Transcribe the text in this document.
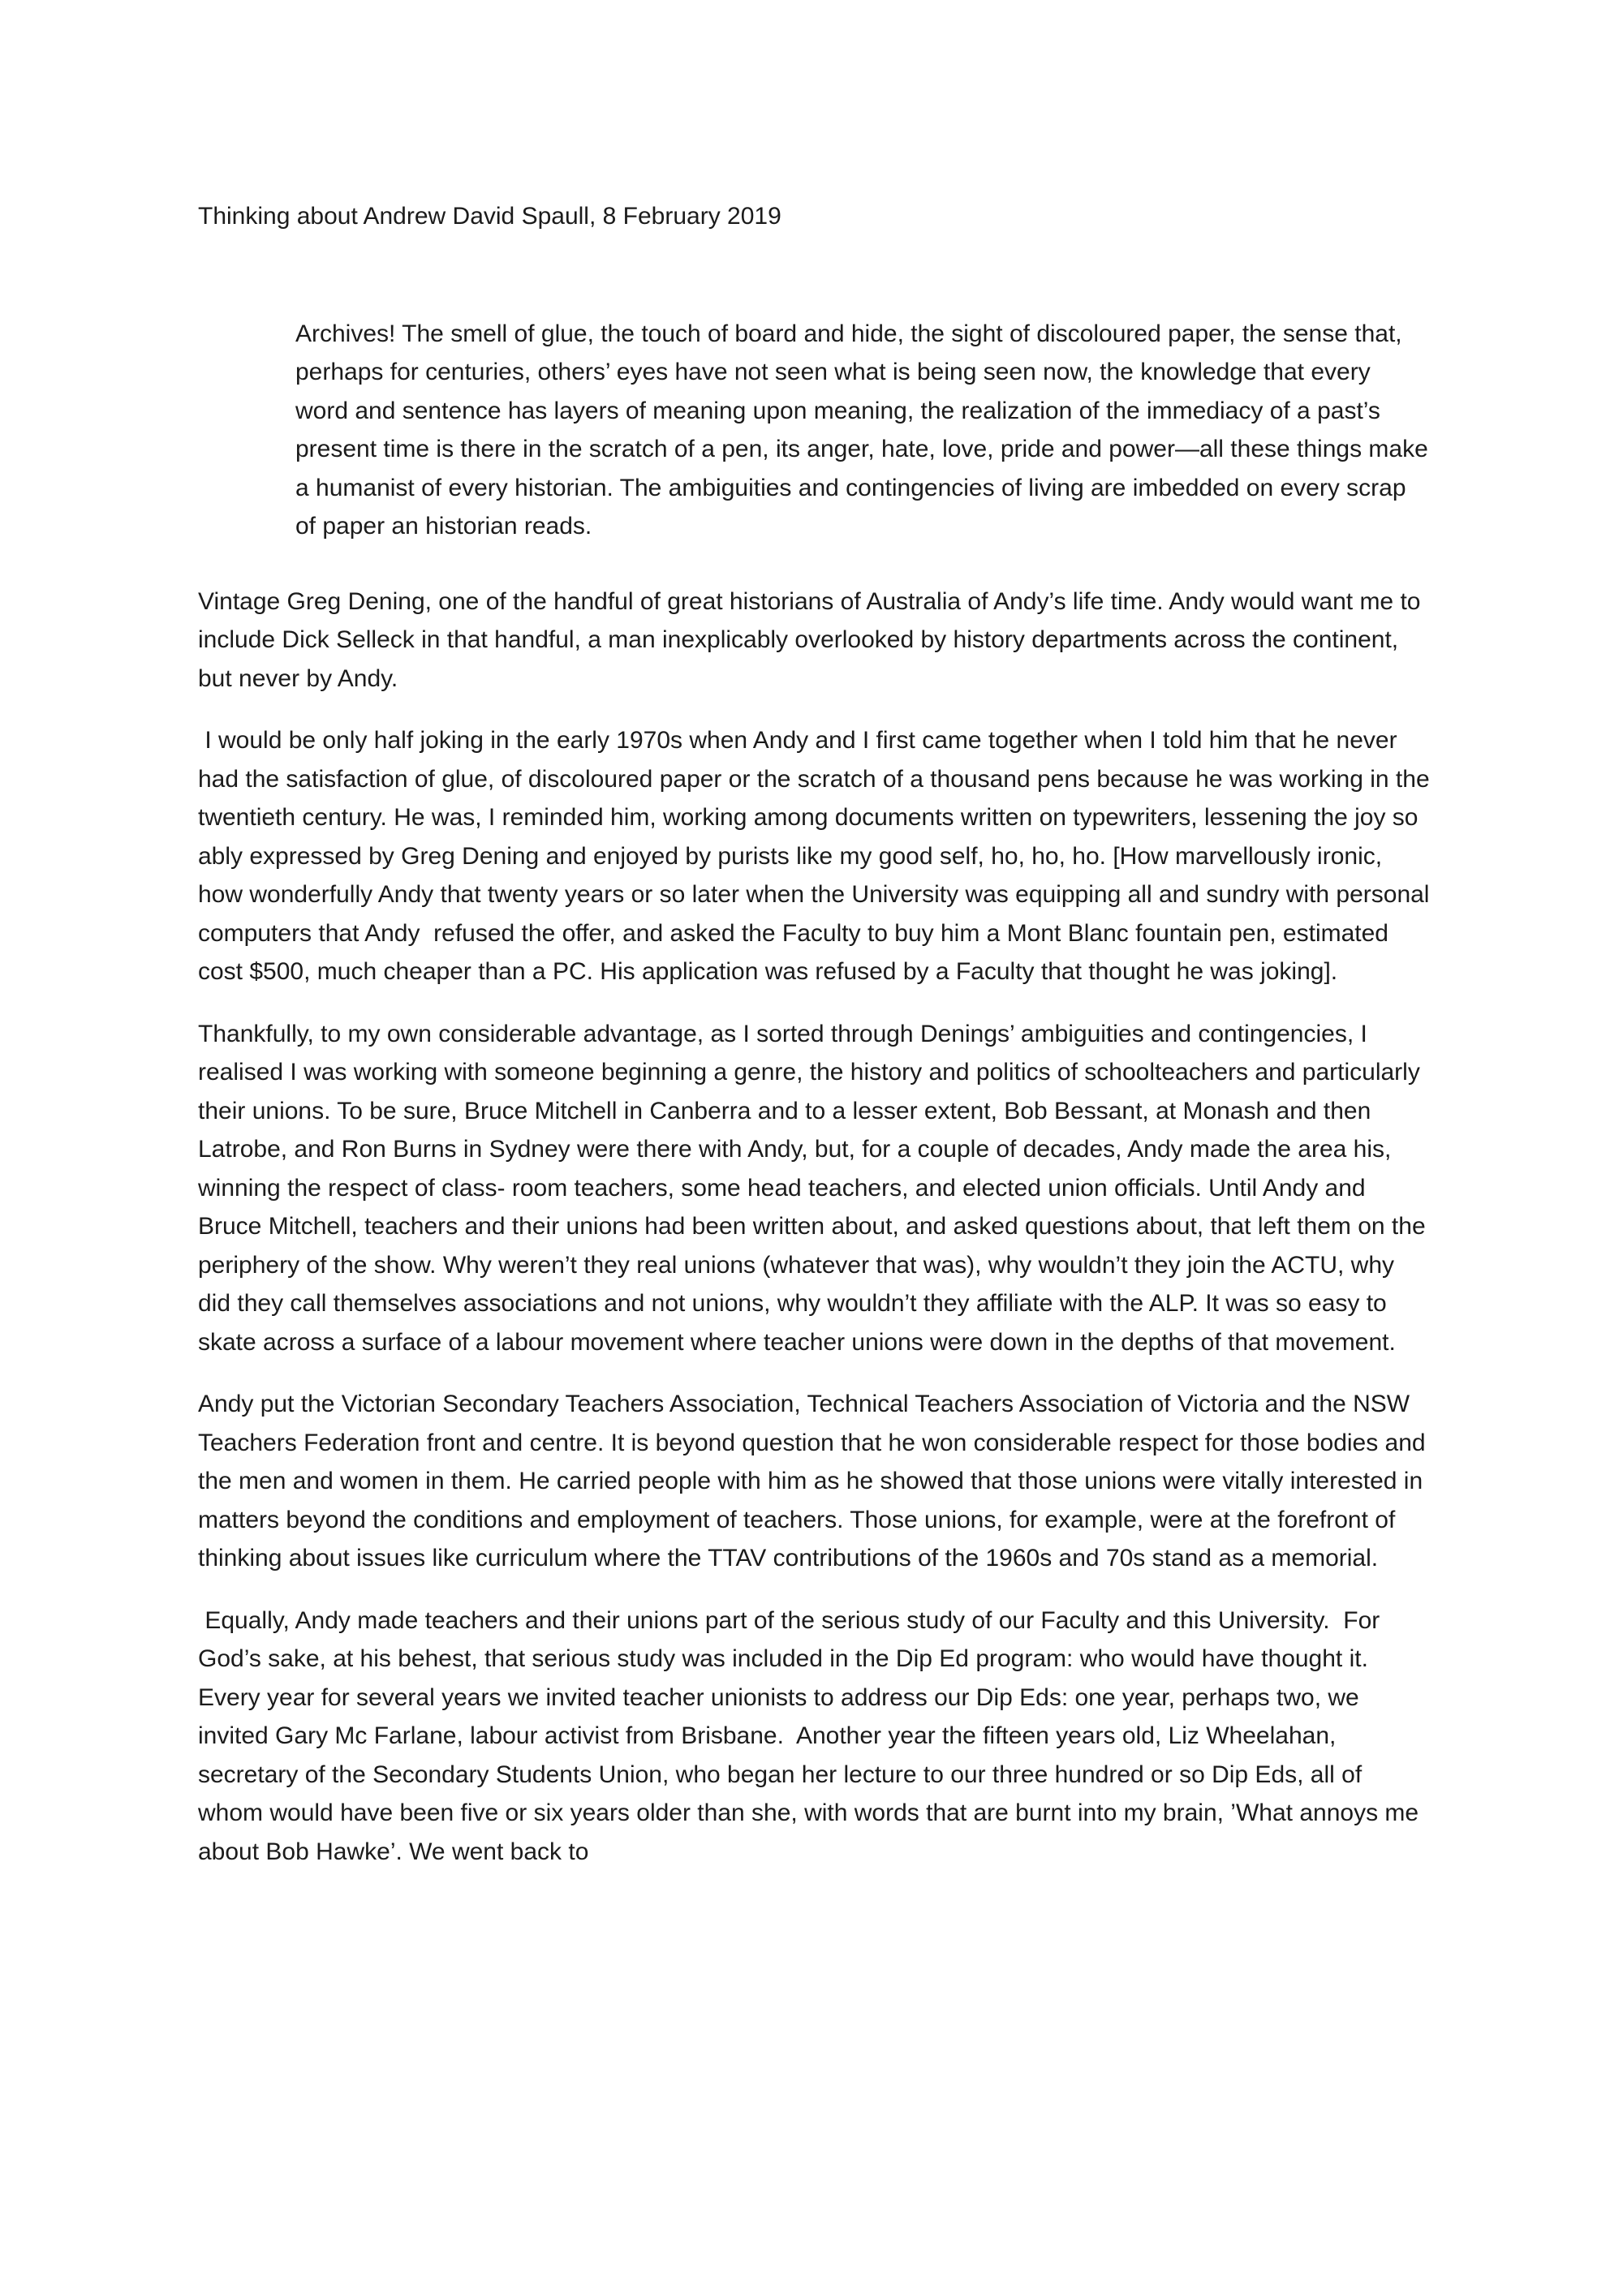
Thinking about Andrew David Spaull, 8 February 2019
Archives! The smell of glue, the touch of board and hide, the sight of discoloured paper, the sense that, perhaps for centuries, others’ eyes have not seen what is being seen now, the knowledge that every word and sentence has layers of meaning upon meaning, the realization of the immediacy of a past’s present time is there in the scratch of a pen, its anger, hate, love, pride and power—all these things make a humanist of every historian. The ambiguities and contingencies of living are imbedded on every scrap of paper an historian reads.

Vintage Greg Dening, one of the handful of great historians of Australia of Andy’s life time. Andy would want me to include Dick Selleck in that handful, a man inexplicably overlooked by history departments across the continent, but never by Andy.

I would be only half joking in the early 1970s when Andy and I first came together when I told him that he never had the satisfaction of glue, of discoloured paper or the scratch of a thousand pens because he was working in the twentieth century. He was, I reminded him, working among documents written on typewriters, lessening the joy so ably expressed by Greg Dening and enjoyed by purists like my good self, ho, ho, ho. [How marvellously ironic, how wonderfully Andy that twenty years or so later when the University was equipping all and sundry with personal computers that Andy  refused the offer, and asked the Faculty to buy him a Mont Blanc fountain pen, estimated cost $500, much cheaper than a PC. His application was refused by a Faculty that thought he was joking].

Thankfully, to my own considerable advantage, as I sorted through Denings’ ambiguities and contingencies, I realised I was working with someone beginning a genre, the history and politics of schoolteachers and particularly their unions. To be sure, Bruce Mitchell in Canberra and to a lesser extent, Bob Bessant, at Monash and then Latrobe, and Ron Burns in Sydney were there with Andy, but, for a couple of decades, Andy made the area his, winning the respect of class- room teachers, some head teachers, and elected union officials. Until Andy and Bruce Mitchell, teachers and their unions had been written about, and asked questions about, that left them on the periphery of the show. Why weren’t they real unions (whatever that was), why wouldn’t they join the ACTU, why did they call themselves associations and not unions, why wouldn’t they affiliate with the ALP. It was so easy to skate across a surface of a labour movement where teacher unions were down in the depths of that movement.

Andy put the Victorian Secondary Teachers Association, Technical Teachers Association of Victoria and the NSW Teachers Federation front and centre. It is beyond question that he won considerable respect for those bodies and the men and women in them. He carried people with him as he showed that those unions were vitally interested in matters beyond the conditions and employment of teachers. Those unions, for example, were at the forefront of thinking about issues like curriculum where the TTAV contributions of the 1960s and 70s stand as a memorial.

Equally, Andy made teachers and their unions part of the serious study of our Faculty and this University.  For God’s sake, at his behest, that serious study was included in the Dip Ed program: who would have thought it. Every year for several years we invited teacher unionists to address our Dip Eds: one year, perhaps two, we invited Gary Mc Farlane, labour activist from Brisbane.  Another year the fifteen years old, Liz Wheelahan, secretary of the Secondary Students Union, who began her lecture to our three hundred or so Dip Eds, all of whom would have been five or six years older than she, with words that are burnt into my brain, ’What annoys me about Bob Hawke’. We went back to
